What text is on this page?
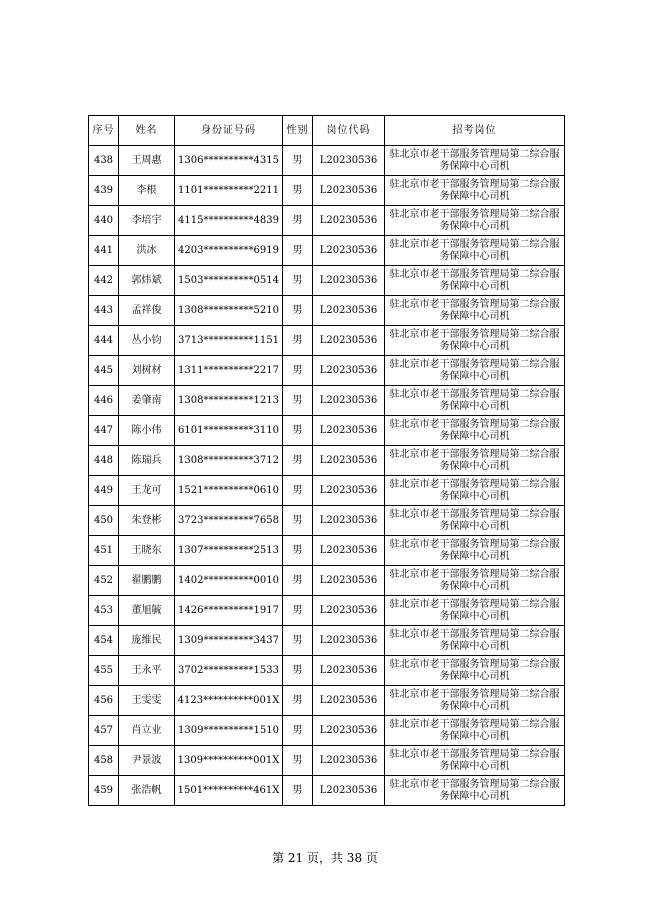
序号	姓名	身份证号码	性别	岗位代码	招考岗位
438	王周惠	1306**********4315	男	L20230536	驻北京市老干部服务管理局第二综合服务保障中心司机
439	李根	1101**********2211	男	L20230536	驻北京市老干部服务管理局第二综合服务保障中心司机
440	李培宇	4115**********4839	男	L20230536	驻北京市老干部服务管理局第二综合服务保障中心司机
441	洪冰	4203**********6919	男	L20230536	驻北京市老干部服务管理局第二综合服务保障中心司机
442	郭炜斌	1503**********0514	男	L20230536	驻北京市老干部服务管理局第二综合服务保障中心司机
443	孟祥俊	1308**********5210	男	L20230536	驻北京市老干部服务管理局第二综合服务保障中心司机
444	丛小钧	3713**********1151	男	L20230536	驻北京市老干部服务管理局第二综合服务保障中心司机
445	刘树材	1311**********2217	男	L20230536	驻北京市老干部服务管理局第二综合服务保障中心司机
446	姜肇南	1308**********1213	男	L20230536	驻北京市老干部服务管理局第二综合服务保障中心司机
447	陈小伟	6101**********3110	男	L20230536	驻北京市老干部服务管理局第二综合服务保障中心司机
448	陈瑞兵	1308**********3712	男	L20230536	驻北京市老干部服务管理局第二综合服务保障中心司机
449	王龙可	1521**********0610	男	L20230536	驻北京市老干部服务管理局第二综合服务保障中心司机
450	朱登彬	3723**********7658	男	L20230536	驻北京市老干部服务管理局第二综合服务保障中心司机
451	王晓东	1307**********2513	男	L20230536	驻北京市老干部服务管理局第二综合服务保障中心司机
452	翟鹏鹏	1402**********0010	男	L20230536	驻北京市老干部服务管理局第二综合服务保障中心司机
453	董旭毓	1426**********1917	男	L20230536	驻北京市老干部服务管理局第二综合服务保障中心司机
454	庞维民	1309**********3437	男	L20230536	驻北京市老干部服务管理局第二综合服务保障中心司机
455	王永平	3702**********1533	男	L20230536	驻北京市老干部服务管理局第二综合服务保障中心司机
456	王雯雯	4123**********001X	男	L20230536	驻北京市老干部服务管理局第二综合服务保障中心司机
457	肖立业	1309**********1510	男	L20230536	驻北京市老干部服务管理局第二综合服务保障中心司机
458	尹景波	1309**********001X	男	L20230536	驻北京市老干部服务管理局第二综合服务保障中心司机
459	张浩帆	1501**********461X	男	L20230536	驻北京市老干部服务管理局第二综合服务保障中心司机
第 21 页，共 38 页
